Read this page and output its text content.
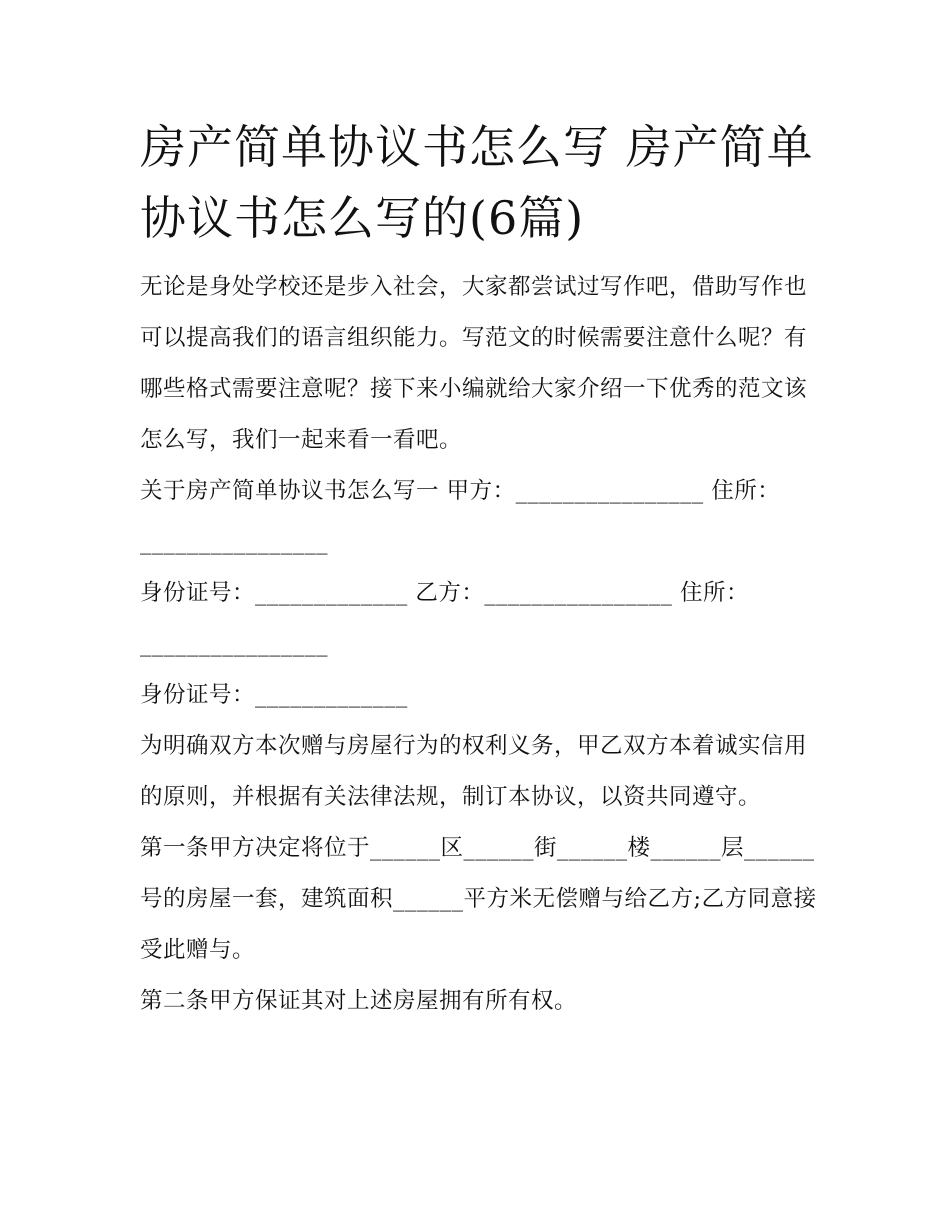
房产简单协议书怎么写 房产简单协议书怎么写的(6篇)

无论是身处学校还是步入社会，大家都尝试过写作吧，借助写作也可以提高我们的语言组织能力。写范文的时候需要注意什么呢？有哪些格式需要注意呢？接下来小编就给大家介绍一下优秀的范文该怎么写，我们一起来看一看吧。

关于房产简单协议书怎么写一 甲方：________________ 住所：________________

身份证号：_____________ 乙方：________________ 住所：________________

身份证号：_____________

为明确双方本次赠与房屋行为的权利义务，甲乙双方本着诚实信用的原则，并根据有关法律法规，制订本协议，以资共同遵守。

第一条甲方决定将位于______区______街______楼______层______号的房屋一套，建筑面积______平方米无偿赠与给乙方;乙方同意接受此赠与。

第二条甲方保证其对上述房屋拥有所有权。
